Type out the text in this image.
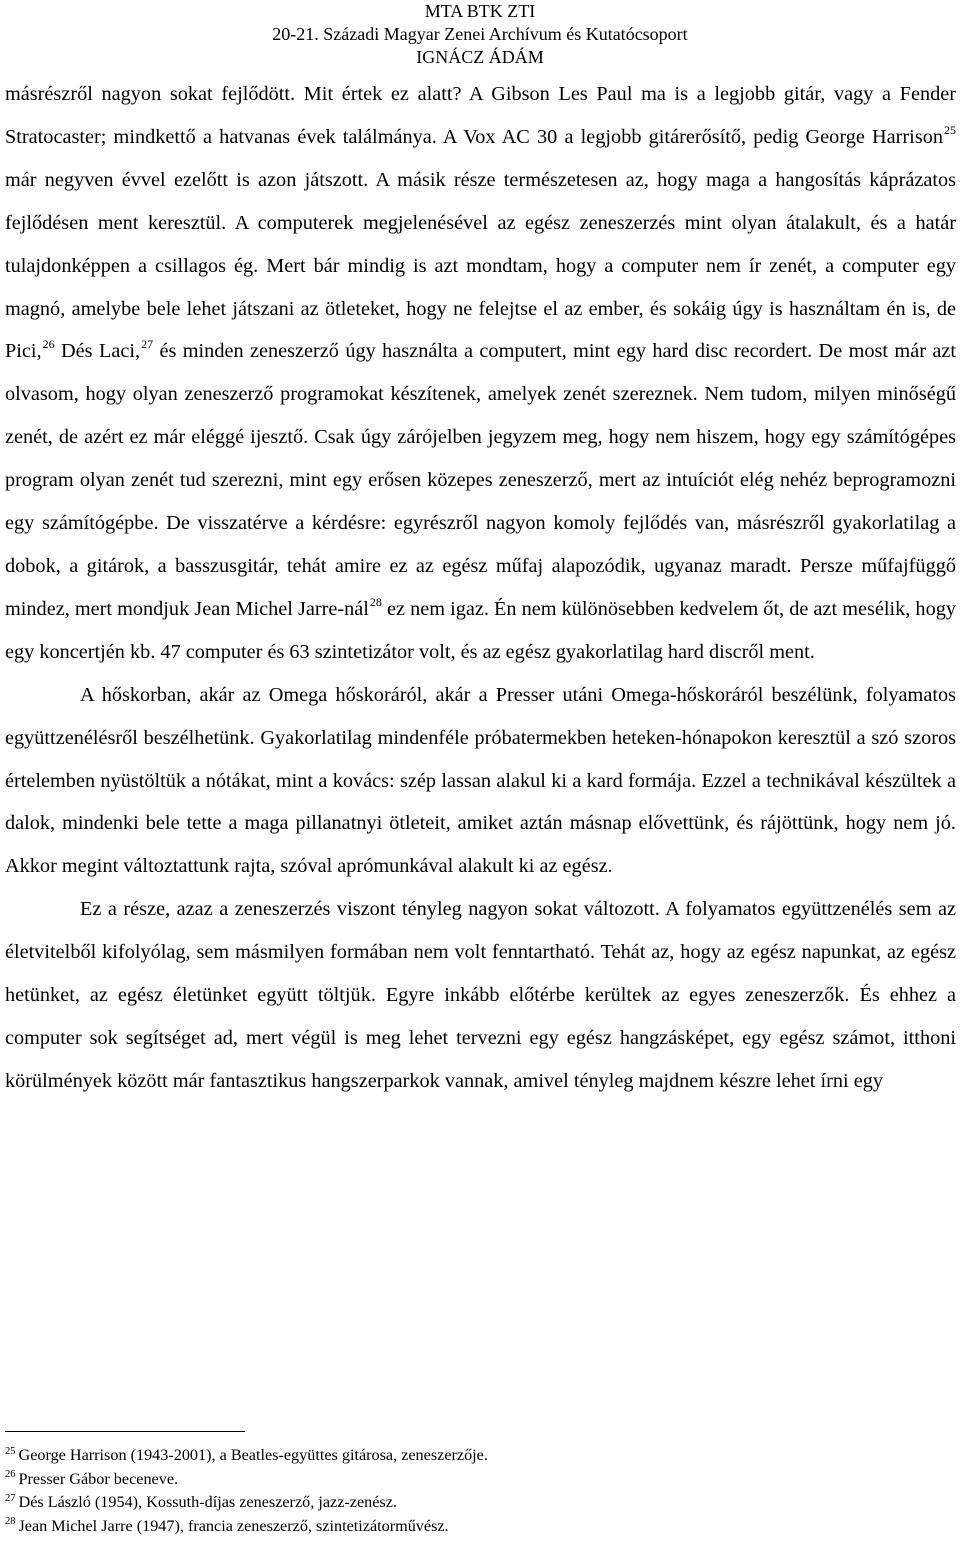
MTA BTK ZTI
20-21. Századi Magyar Zenei Archívum és Kutatócsoport
IGNÁCZ ÁDÁM

másrészről nagyon sokat fejlődött. Mit értek ez alatt? A Gibson Les Paul ma is a legjobb gitár, vagy a Fender Stratocaster; mindkettő a hatvanas évek találmánya. A Vox AC 30 a legjobb gitárerősítő, pedig George Harrison$^{25}$ már negyven évvel ezelőtt is azon játszott. A másik része természetesen az, hogy maga a hangosítás káprázatos fejlődésen ment keresztül. A computerek megjelenésével az egész zeneszerzés mint olyan átalakult, és a határ tulajdonképpen a csillagos ég. Mert bár mindig is azt mondtam, hogy a computer nem ír zenét, a computer egy magnó, amelybe bele lehet játszani az ötleteket, hogy ne felejtse el az ember, és sokáig úgy is használtam én is, de Pici,$^{26}$ Dés Laci,$^{27}$ és minden zeneszerző úgy használta a computert, mint egy hard disc recordert. De most már azt olvasom, hogy olyan zeneszerző programokat készítenek, amelyek zenét szereznek. Nem tudom, milyen minőségű zenét, de azért ez már eléggé ijesztő. Csak úgy zárójelben jegyzem meg, hogy nem hiszem, hogy egy számítógépes program olyan zenét tud szerezni, mint egy erősen közepes zeneszerző, mert az intuíciót elég nehéz beprogramozni egy számítógépbe. De visszatérve a kérdésre: egyrészről nagyon komoly fejlődés van, másrészről gyakorlatilag a dobok, a gitárok, a basszusgitár, tehát amire ez az egész műfaj alapozódik, ugyanaz maradt. Persze műfajfüggő mindez, mert mondjuk Jean Michel Jarre-nál$^{28}$ ez nem igaz. Én nem különösebben kedvelem őt, de azt mesélik, hogy egy koncertjén kb. 47 computer és 63 szintetizátor volt, és az egész gyakorlatilag hard discről ment.

A hőskorban, akár az Omega hőskoráról, akár a Presser utáni Omega-hőskoráról beszélünk, folyamatos együttzenélésről beszélhetünk. Gyakorlatilag mindenféle próbatermekben heteken-hónapokon keresztül a szó szoros értelemben nyüstöltük a nótákat, mint a kovács: szép lassan alakul ki a kard formája. Ezzel a technikával készültek a dalok, mindenki bele tette a maga pillanatnyi ötleteit, amiket aztán másnap elővettünk, és rájöttünk, hogy nem jó. Akkor megint változtattunk rajta, szóval aprómunkával alakult ki az egész.

Ez a része, azaz a zeneszerzés viszont tényleg nagyon sokat változott. A folyamatos együttzenélés sem az életvitelből kifolyólag, sem másmilyen formában nem volt fenntartható. Tehát az, hogy az egész napunkat, az egész hetünket, az egész életünket együtt töltjük. Egyre inkább előtérbe kerültek az egyes zeneszerzők. És ehhez a computer sok segítséget ad, mert végül is meg lehet tervezni egy egész hangzásképet, egy egész számot, itthoni körülmények között már fantasztikus hangszerparkok vannak, amivel tényleg majdnem készre lehet írni egy

$^{25}$ George Harrison (1943-2001), a Beatles-együttes gitárosa, zeneszerzője.
$^{26}$ Presser Gábor beceneve.
$^{27}$ Dés László (1954), Kossuth-díjas zeneszerző, jazz-zenész.
$^{28}$ Jean Michel Jarre (1947), francia zeneszerző, szintetizátorművész.
